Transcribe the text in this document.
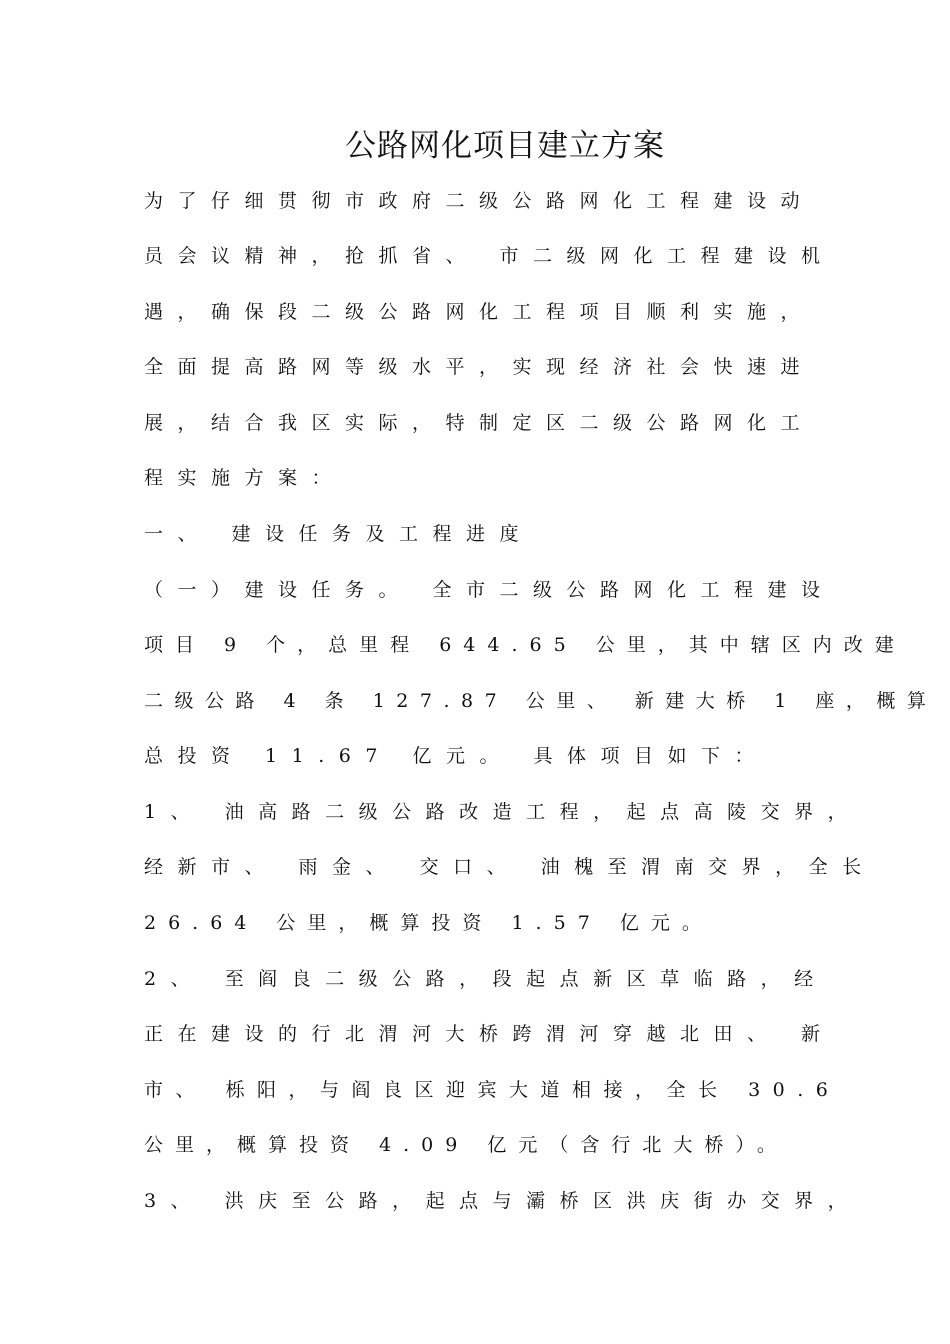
公路网化项目建立方案
为了仔细贯彻市政府二级公路网化工程建设动
员会议精神，抢抓省、 市二级网化工程建设机
遇，确保段二级公路网化工程项目顺利实施，
全面提高路网等级水平，实现经济社会快速进
展，结合我区实际，特制定区二级公路网化工
程实施方案：
一、 建设任务及工程进度
（一）建设任务。 全市二级公路网化工程建设
项目 9 个，总里程 644.65 公里，其中辖区内改建
二级公路 4 条 127.87 公里、 新建大桥 1 座，概算
总投资 11.67 亿元。 具体项目如下：
1、 油高路二级公路改造工程，起点高陵交界，
经新市、 雨金、 交口、 油槐至渭南交界，全长
26.64 公里，概算投资 1.57 亿元。
2、 至阎良二级公路，段起点新区草临路，经
正在建设的行北渭河大桥跨渭河穿越北田、 新
市、 栎阳，与阎良区迎宾大道相接，全长 30.6
公里，概算投资 4.09 亿元（含行北大桥）。
3、 洪庆至公路，起点与灞桥区洪庆街办交界，
